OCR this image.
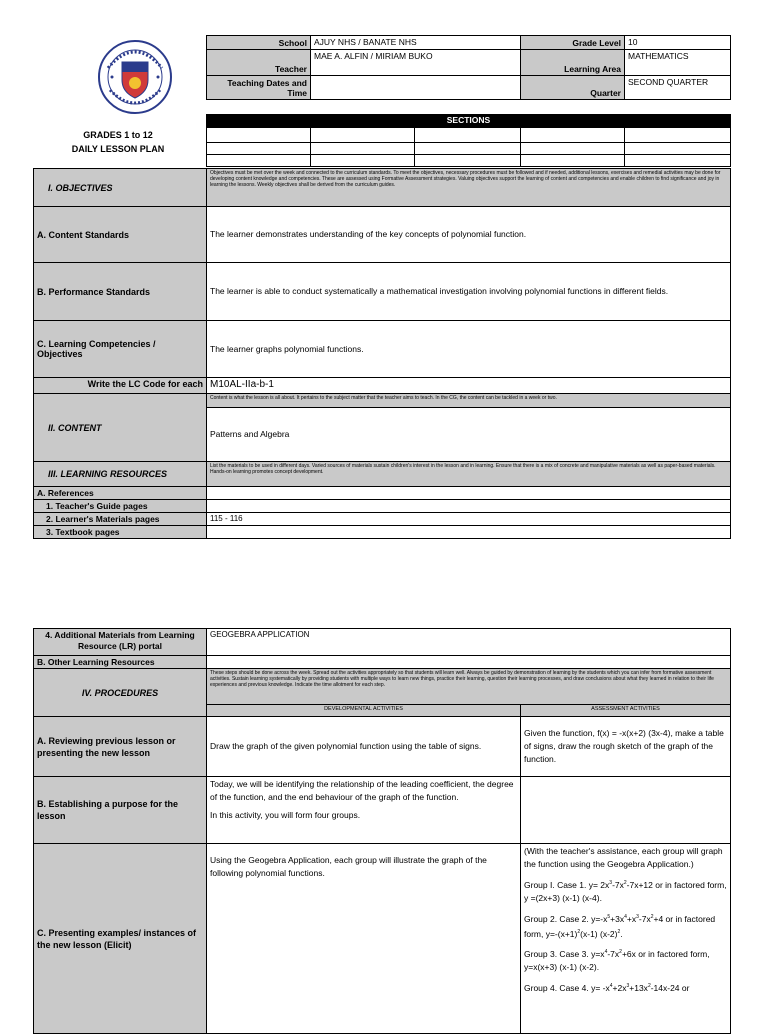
School	AJUY NHS / BANATE NHS	Grade Level	10
Teacher	MAE A. ALFIN / MIRIAM BUKO	Learning Area	MATHEMATICS
Teaching Dates and Time		Quarter	SECOND QUARTER
GRADES 1 to 12
DAILY LESSON PLAN
SECTIONS				

I. OBJECTIVES	Objectives must be met over the week and connected to the curriculum standards. To meet the objectives, necessary procedures must be followed and if needed, additional lessons, exercises and remedial activities may be done for developing content knowledge and competencies. These are assessed using Formative Assessment strategies. Valuing objectives support the learning of content and competencies and enable children to find significance and joy in learning the lessons. Weekly objectives shall be derived from the curriculum guides.
A. Content Standards	The learner demonstrates understanding of the key concepts of polynomial function.
B. Performance Standards	The learner is able to conduct systematically a mathematical investigation involving polynomial functions in different fields.
C. Learning Competencies / Objectives	The learner graphs polynomial functions.
Write the LC Code for each	M10AL-IIa-b-1
II. CONTENT	Content is what the lesson is all about. It pertains to the subject matter that the teacher aims to teach. In the CG, the content can be tackled in a week or two.
	Patterns and Algebra
III. LEARNING RESOURCES	List the materials to be used in different days. Varied sources of materials sustain children's interest in the lesson and in learning. Ensure that there is a mix of concrete and manipulative materials as well as paper-based materials. Hands-on learning promotes concept development.
A. References	
1. Teacher's Guide pages	
2. Learner's Materials pages	115 - 116
3. Textbook pages	
4. Additional Materials from Learning Resource (LR) portal	GEOGEBRA APPLICATION	
B. Other Learning Resources		
IV. PROCEDURES	These steps should be done across the week. Spread out the activities appropriately so that students will learn well. Always be guided by demonstration of learning by the students which you can infer from formative assessment activities. Sustain learning systematically by providing students with multiple ways to learn new things, practice their learning, question their learning processes, and draw conclusions about what they learned in relation to their life experiences and previous knowledge. Indicate the time allotment for each step.	
	DEVELOPMENTAL ACTIVITIES	ASSESSMENT ACTIVITIES
A. Reviewing previous lesson or presenting the new lesson	Draw the graph of the given polynomial function using the table of signs.	Given the function, f(x) = -x(x+2) (3x-4), make a table of signs, draw the rough sketch of the graph of the function.
B. Establishing a purpose for the lesson	Today, we will be identifying the relationship of the leading coefficient, the degree of the function, and the end behaviour of the graph of the function.
In this activity, you will form four groups.	

C. Presenting examples/ instances of the new lesson (Elicit)	Using the Geogebra Application, each group will illustrate the graph of the following polynomial functions.	(With the teacher's assistance, each group will graph the function using the Geogebra Application.)
Group I. Case 1. $y= 2x^3-7x^2-7x+12$ or in factored form, y =(2x+3) (x-1) (x-4).
Group 2. Case 2. $y=-x^5+3x^4+x^3-7x^2+4$ or in factored form, $y=-(x+1)^2(x-1)$ $(x-2)^2$.
Group 3. Case 3. $y=x^4-7x^2+6x$ or in factored form, y=x(x+3) (x-1) (x-2).
Group 4. Case 4. $y= -x^4+2x^3+13x^2-14x-24$ or
